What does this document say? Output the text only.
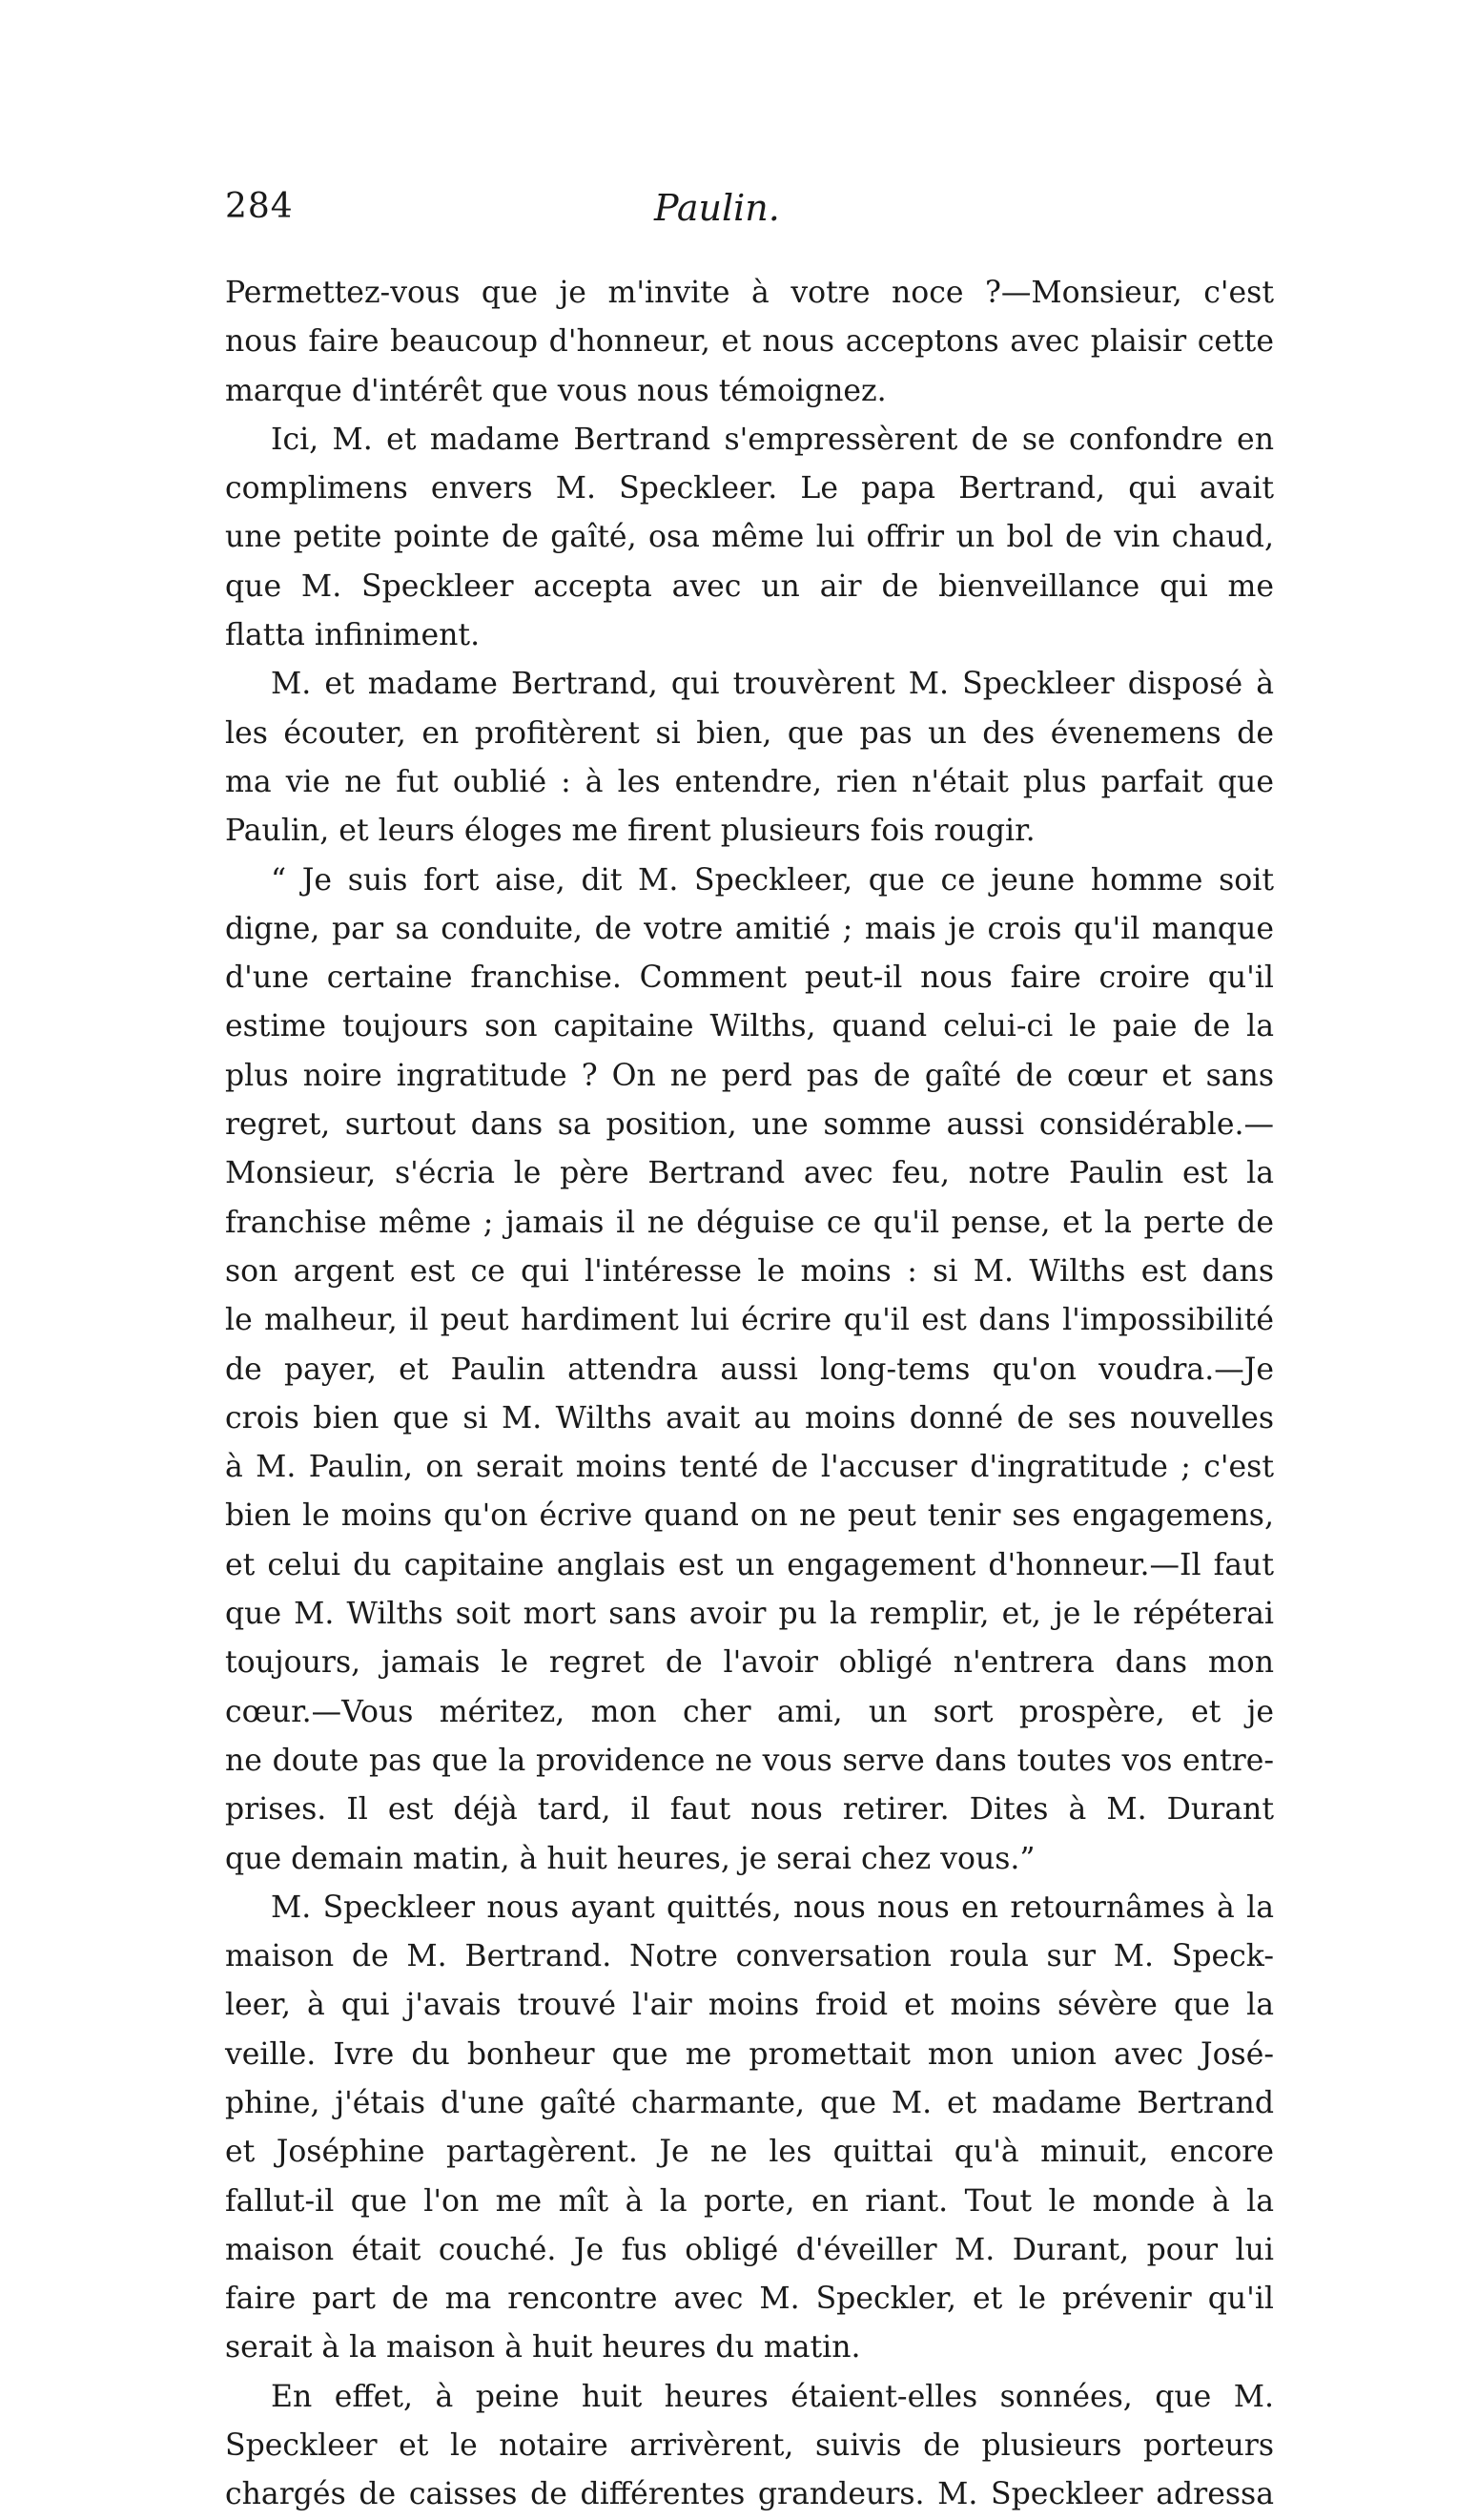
284	Paulin.
Permettez-vous que je m'invite à votre noce ?—Monsieur, c'est
nous faire beaucoup d'honneur, et nous acceptons avec plaisir cette
marque d'intérêt que vous nous témoignez.
Ici, M. et madame Bertrand s'empressèrent de se confondre en
complimens envers M. Speckleer. Le papa Bertrand, qui avait
une petite pointe de gaîté, osa même lui offrir un bol de vin chaud,
que M. Speckleer accepta avec un air de bienveillance qui me
flatta infiniment.
M. et madame Bertrand, qui trouvèrent M. Speckleer disposé à
les écouter, en profitèrent si bien, que pas un des évenemens de
ma vie ne fut oublié : à les entendre, rien n'était plus parfait que
Paulin, et leurs éloges me firent plusieurs fois rougir.
“ Je suis fort aise, dit M. Speckleer, que ce jeune homme soit
digne, par sa conduite, de votre amitié ; mais je crois qu'il manque
d'une certaine franchise. Comment peut-il nous faire croire qu'il
estime toujours son capitaine Wilths, quand celui-ci le paie de la
plus noire ingratitude ? On ne perd pas de gaîté de cœur et sans
regret, surtout dans sa position, une somme aussi considérable.—
Monsieur, s'écria le père Bertrand avec feu, notre Paulin est la
franchise même ; jamais il ne déguise ce qu'il pense, et la perte de
son argent est ce qui l'intéresse le moins : si M. Wilths est dans
le malheur, il peut hardiment lui écrire qu'il est dans l'impossibilité
de payer, et Paulin attendra aussi long-tems qu'on voudra.—Je
crois bien que si M. Wilths avait au moins donné de ses nouvelles
à M. Paulin, on serait moins tenté de l'accuser d'ingratitude ; c'est
bien le moins qu'on écrive quand on ne peut tenir ses engagemens,
et celui du capitaine anglais est un engagement d'honneur.—Il faut
que M. Wilths soit mort sans avoir pu la remplir, et, je le répéterai
toujours, jamais le regret de l'avoir obligé n'entrera dans mon
cœur.—Vous méritez, mon cher ami, un sort prospère, et je
ne doute pas que la providence ne vous serve dans toutes vos entre-
prises. Il est déjà tard, il faut nous retirer. Dites à M. Durant
que demain matin, à huit heures, je serai chez vous.”
M. Speckleer nous ayant quittés, nous nous en retournâmes à la
maison de M. Bertrand. Notre conversation roula sur M. Speck-
leer, à qui j'avais trouvé l'air moins froid et moins sévère que la
veille. Ivre du bonheur que me promettait mon union avec José-
phine, j'étais d'une gaîté charmante, que M. et madame Bertrand
et Joséphine partagèrent. Je ne les quittai qu'à minuit, encore
fallut-il que l'on me mît à la porte, en riant. Tout le monde à la
maison était couché. Je fus obligé d'éveiller M. Durant, pour lui
faire part de ma rencontre avec M. Speckler, et le prévenir qu'il
serait à la maison à huit heures du matin.
En effet, à peine huit heures étaient-elles sonnées, que M.
Speckleer et le notaire arrivèrent, suivis de plusieurs porteurs
chargés de caisses de différentes grandeurs. M. Speckleer adressa
